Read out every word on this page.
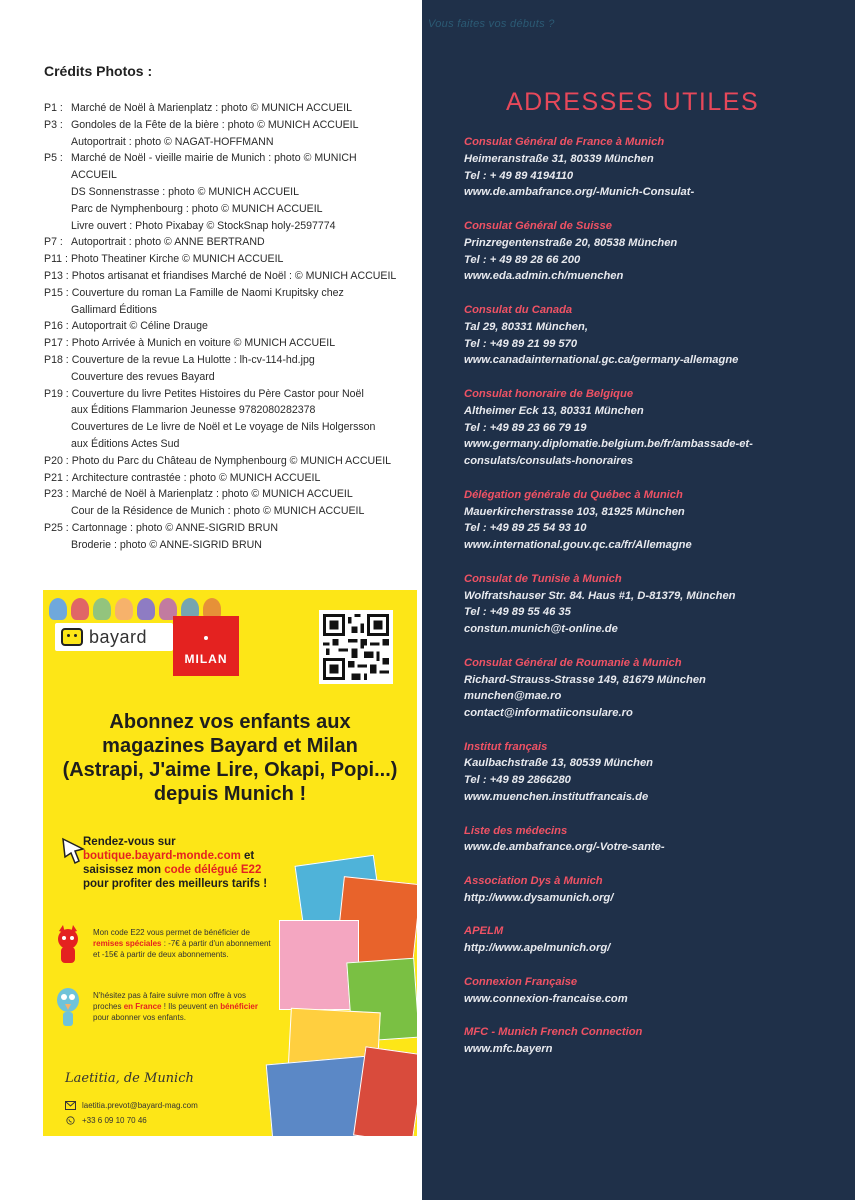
Crédits Photos :
P1 : Marché de Noël à Marienplatz : photo © MUNICH ACCUEIL
P3 : Gondoles de la Fête de la bière : photo © MUNICH ACCUEIL
Autoportrait : photo © NAGAT-HOFFMANN
P5 : Marché de Noël - vieille mairie de Munich : photo © MUNICH
ACCUEIL
DS Sonnenstrasse : photo © MUNICH ACCUEIL
Parc de Nymphenbourg : photo © MUNICH ACCUEIL
Livre ouvert : Photo Pixabay © StockSnap holy-2597774
P7 : Autoportrait : photo © ANNE BERTRAND
P11 : Photo Theatiner Kirche © MUNICH ACCUEIL
P13 : Photos artisanat et friandises Marché de Noël : © MUNICH ACCUEIL
P15 : Couverture du roman La Famille de Naomi Krupitsky chez
Gallimard Éditions
P16 : Autoportrait © Céline Drauge
P17 : Photo Arrivée à Munich en voiture © MUNICH ACCUEIL
P18 : Couverture de la revue La Hulotte : lh-cv-114-hd.jpg
Couverture des revues Bayard
P19 : Couverture du livre Petites Histoires du Père Castor pour Noël
aux Éditions Flammarion Jeunesse 9782080282378
Couvertures de Le livre de Noël et Le voyage de Nils Holgersson
aux Éditions Actes Sud
P20 : Photo du Parc du Château de Nymphenbourg © MUNICH ACCUEIL
P21 : Architecture contrastée : photo © MUNICH ACCUEIL
P23 : Marché de Noël à Marienplatz : photo © MUNICH ACCUEIL
Cour de la Résidence de Munich : photo © MUNICH ACCUEIL
P25 : Cartonnage : photo © ANNE-SIGRID BRUN
Broderie : photo © ANNE-SIGRID BRUN
bayard
MILAN
Abonnez vos enfants aux
magazines Bayard et Milan
(Astrapi, J'aime Lire, Okapi, Popi...)
depuis Munich !
Rendez-vous sur
boutique.bayard-monde.com et
saisissez mon code délégué E22
pour profiter des meilleurs tarifs !
Mon code E22 vous permet de bénéficier de remises spéciales : -7€ à partir d'un abonnement et -15€ à partir de deux abonnements.
N'hésitez pas à faire suivre mon offre à vos proches en France ! Ils peuvent en bénéficier pour abonner vos enfants.
Laetitia, de Munich
laetitia.prevot@bayard-mag.com
+33 6 09 10 70 46
Vous faites vos débuts ?
ADRESSES UTILES
Consulat Général de France à Munich
Heimeranstraße 31, 80339 München
Tel : + 49 89 4194110
www.de.ambafrance.org/-Munich-Consulat-
Consulat Général de Suisse
Prinzregentenstraße 20, 80538 München
Tel : + 49 89 28 66 200
www.eda.admin.ch/muenchen
Consulat du Canada
Tal 29, 80331 München,
Tel : +49 89 21 99 570
www.canadainternational.gc.ca/germany-allemagne
Consulat honoraire de Belgique
Altheimer Eck 13, 80331 München
Tel : +49 89 23 66 79 19
www.germany.diplomatie.belgium.be/fr/ambassade-et-
consulats/consulats-honoraires
Délégation générale du Québec à Munich
Mauerkircherstrasse 103, 81925 München
Tel : +49 89 25 54 93 10
www.international.gouv.qc.ca/fr/Allemagne
Consulat de Tunisie à Munich
Wolfratshauser Str. 84. Haus #1, D-81379, München
Tel : +49 89 55 46 35
constun.munich@t-online.de
Consulat Général de Roumanie à Munich
Richard-Strauss-Strasse 149, 81679 München
munchen@mae.ro
contact@informatiiconsulare.ro
Institut français
Kaulbachstraße 13, 80539 München
Tel : +49 89 2866280
www.muenchen.institutfrancais.de
Liste des médecins
www.de.ambafrance.org/-Votre-sante-
Association Dys à Munich
http://www.dysamunich.org/
APELM
http://www.apelmunich.org/
Connexion Française
www.connexion-francaise.com
MFC - Munich French Connection
www.mfc.bayern
